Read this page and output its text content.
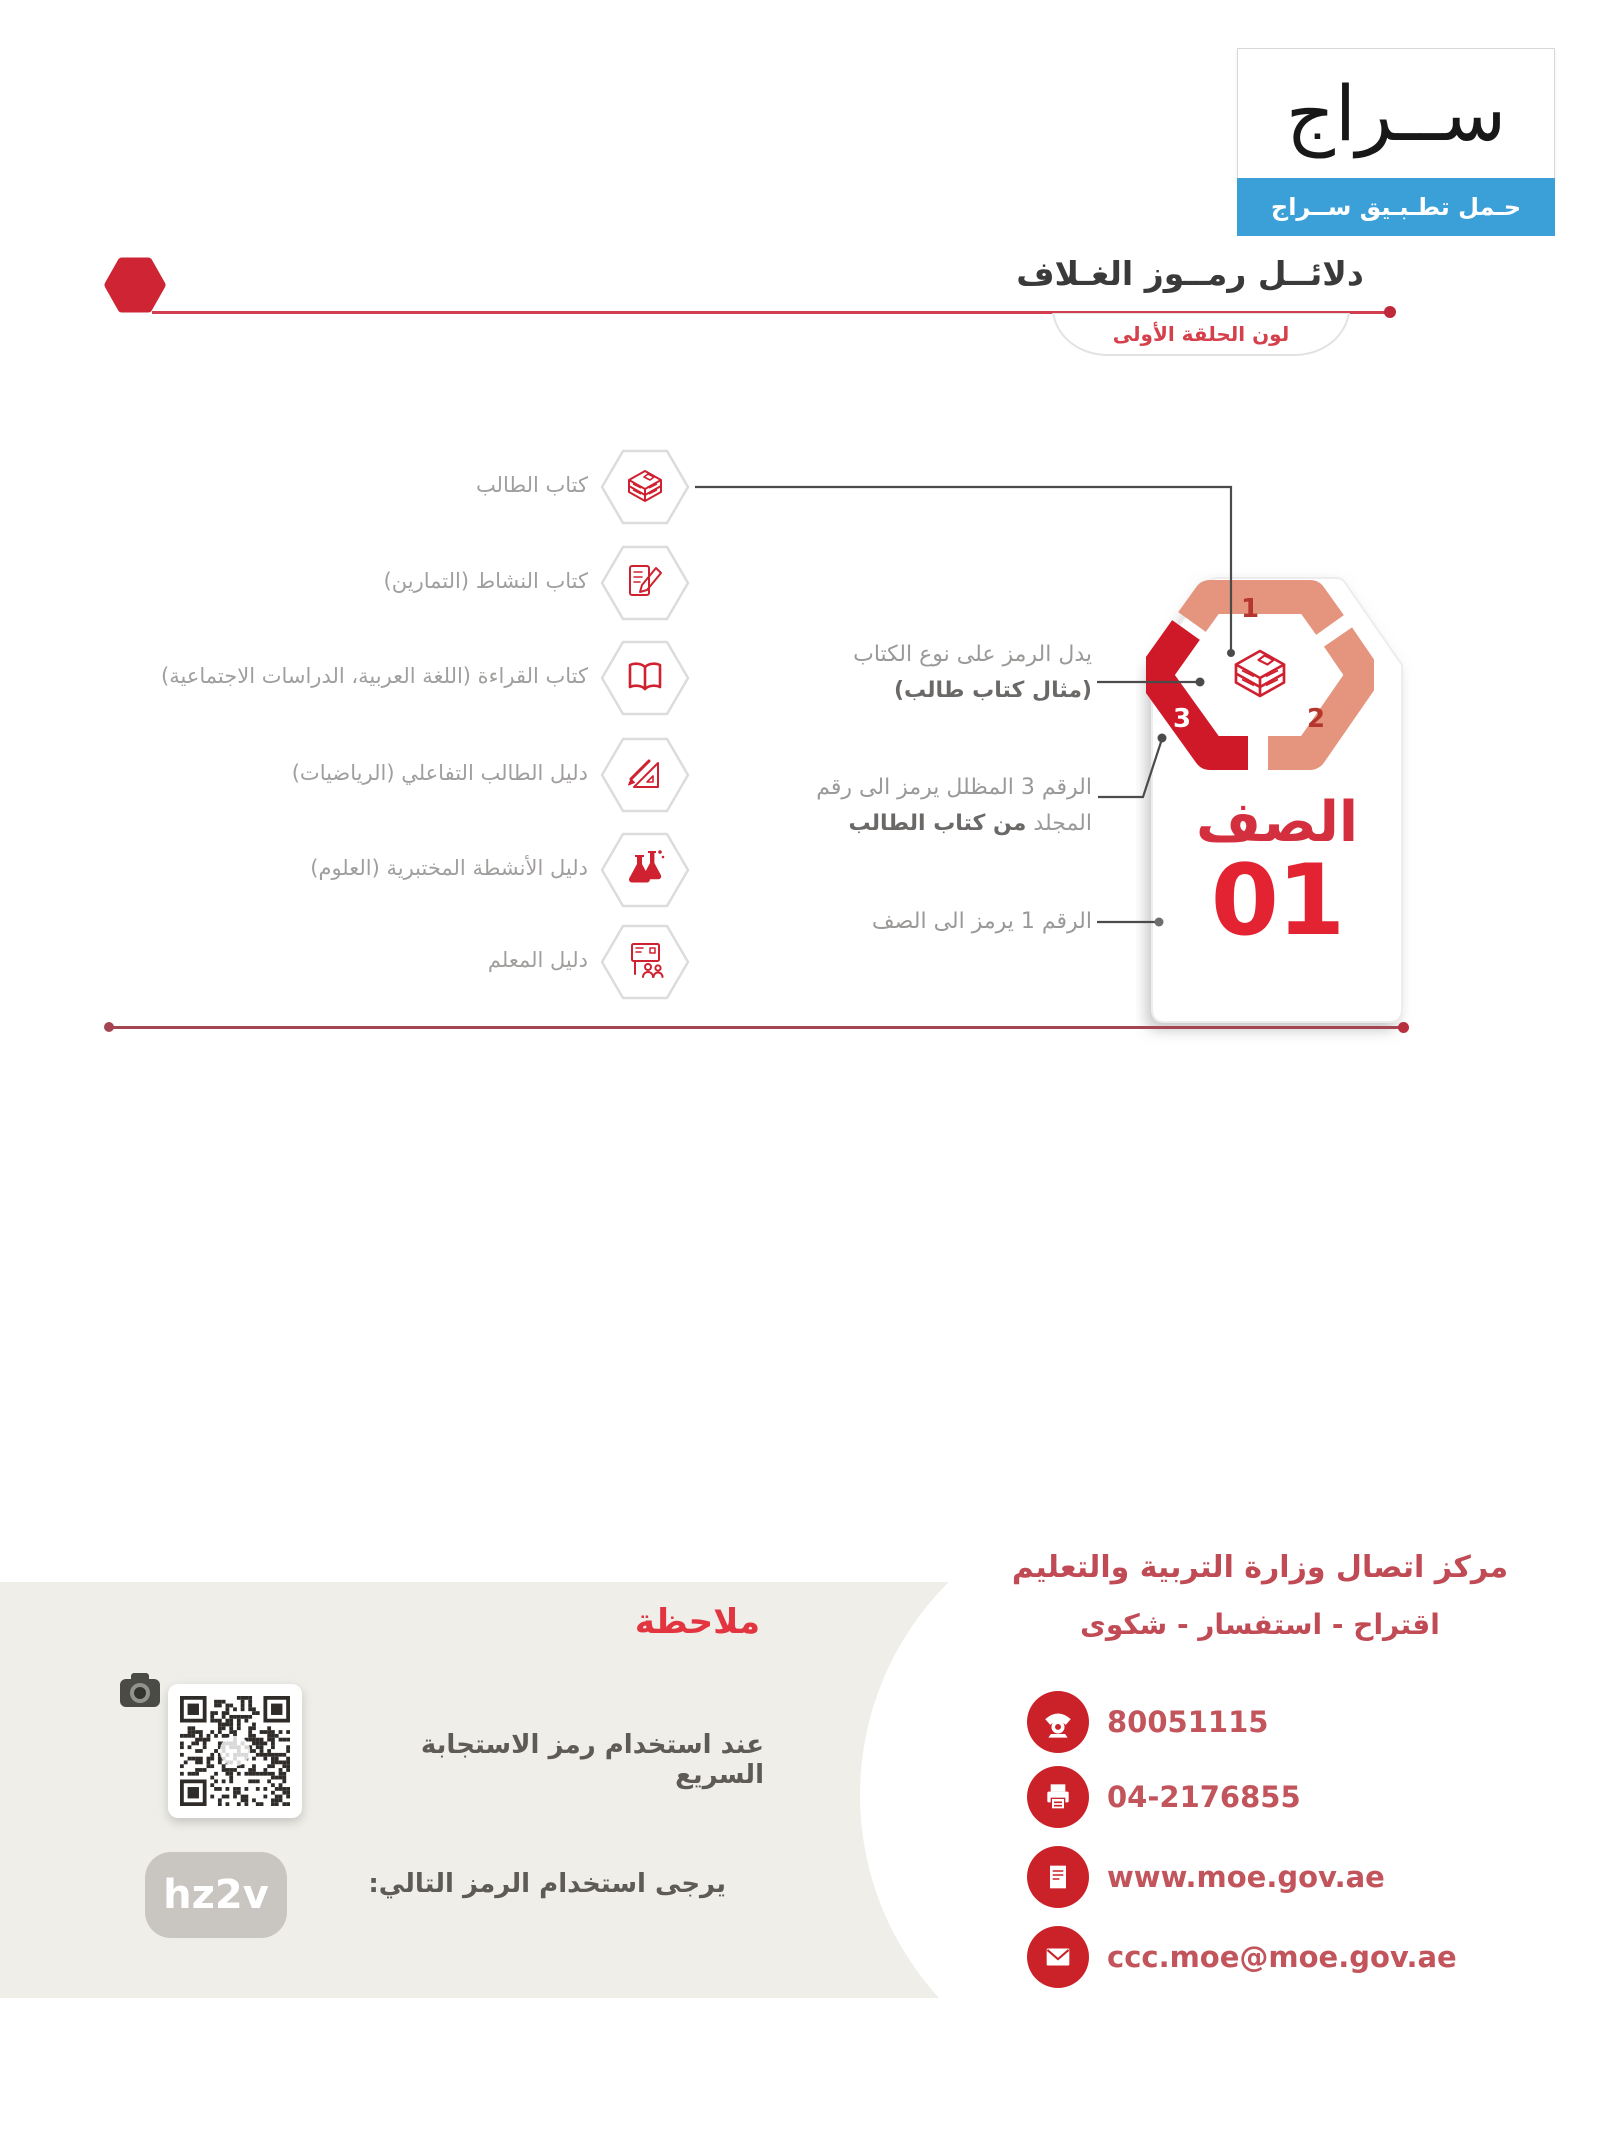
ســراج
حـمل تطـبـيق ســراج
دلائــل رمــوز الغـلاف
لون الحلقة الأولى
كتاب الطالب
كتاب النشاط (التمارين)
كتاب القراءة (اللغة العربية، الدراسات الاجتماعية)
دليل الطالب التفاعلي (الرياضيات)
دليل الأنشطة المختبرية (العلوم)
دليل المعلم
يدل الرمز على نوع الكتاب
(مثال كتاب طالب)
الرقم 3 المظلل يرمز الى رقم
المجلد من كتاب الطالب
الرقم 1 يرمز الى الصف
1
2
3
الصف
01
ملاحظة
عند استخدام رمز الاستجابة السريع
يرجى استخدام الرمز التالي:
hz2v
مركز اتصال وزارة التربية والتعليم
اقتراح - استفسار - شكوى
80051115
04-2176855
www.moe.gov.ae
ccc.moe@moe.gov.ae
